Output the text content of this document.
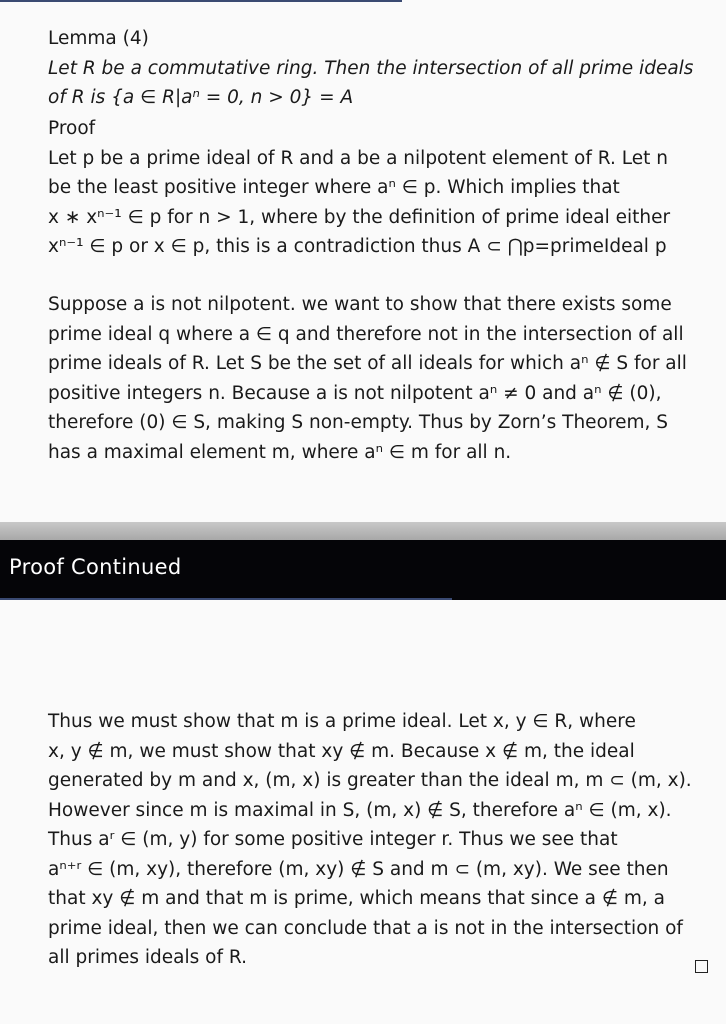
Lemma (4)

Let R be a commutative ring. Then the intersection of all prime ideals

of R is {a ∈ R|aⁿ = 0, n > 0} = A

Proof

Let p be a prime ideal of R and a be a nilpotent element of R. Let n

be the least positive integer where aⁿ ∈ p. Which implies that

x ∗ xⁿ⁻¹ ∈ p for n > 1, where by the definition of prime ideal either

xⁿ⁻¹ ∈ p or x ∈ p, this is a contradiction thus A ⊂ ⋂p=primeIdeal p

Suppose a is not nilpotent. we want to show that there exists some

prime ideal q where a ∈ q and therefore not in the intersection of all

prime ideals of R. Let S be the set of all ideals for which aⁿ ∉ S for all

positive integers n. Because a is not nilpotent aⁿ ≠ 0 and aⁿ ∉ (0),

therefore (0) ∈ S, making S non-empty. Thus by Zorn’s Theorem, S

has a maximal element m, where aⁿ ∈ m for all n.

Proof Continued

Thus we must show that m is a prime ideal. Let x, y ∈ R, where

x, y ∉ m, we must show that xy ∉ m. Because x ∉ m, the ideal

generated by m and x, (m, x) is greater than the ideal m, m ⊂ (m, x).

However since m is maximal in S, (m, x) ∉ S, therefore aⁿ ∈ (m, x).

Thus aʳ ∈ (m, y) for some positive integer r. Thus we see that

aⁿ⁺ʳ ∈ (m, xy), therefore (m, xy) ∉ S and m ⊂ (m, xy). We see then

that xy ∉ m and that m is prime, which means that since a ∉ m, a

prime ideal, then we can conclude that a is not in the intersection of

all primes ideals of R.
